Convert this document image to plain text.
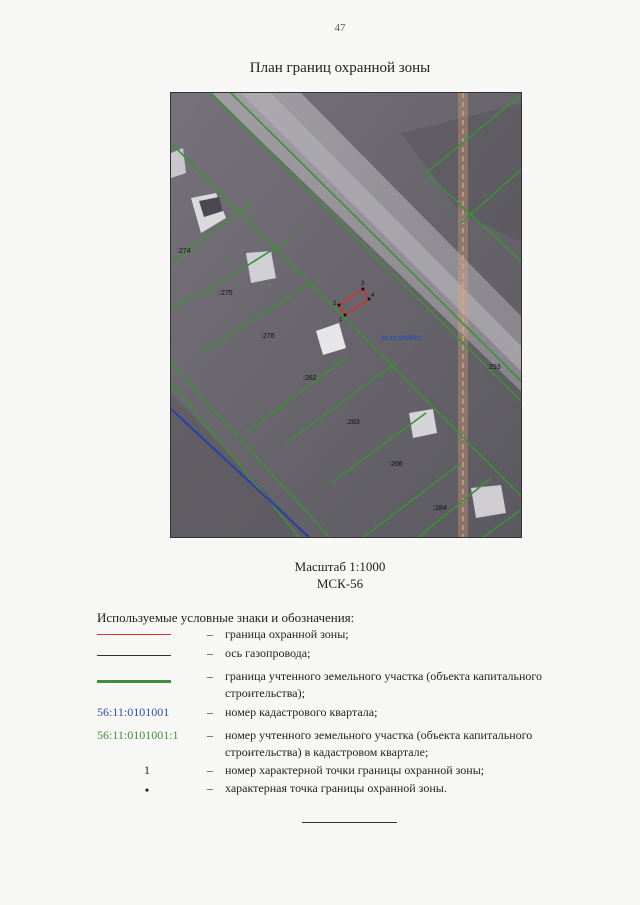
47
План границ охранной зоны
2
3
4
1
:274
:275
:276
:282
:283
:266
:284
:293
56:19:1018001
Масштаб 1:1000
МСК-56
Используемые условные знаки и обозначения:
– граница охранной зоны;
– ось газопровода;
– граница учтенного земельного участка (объекта капитального строительства);
56:11:0101001	– номер кадастрового квартала;
56:11:0101001:1	– номер учтенного земельного участка (объекта капитального строительства) в кадастровом квартале;
1	– номер характерной точки границы охранной зоны;
•	– характерная точка границы охранной зоны.
